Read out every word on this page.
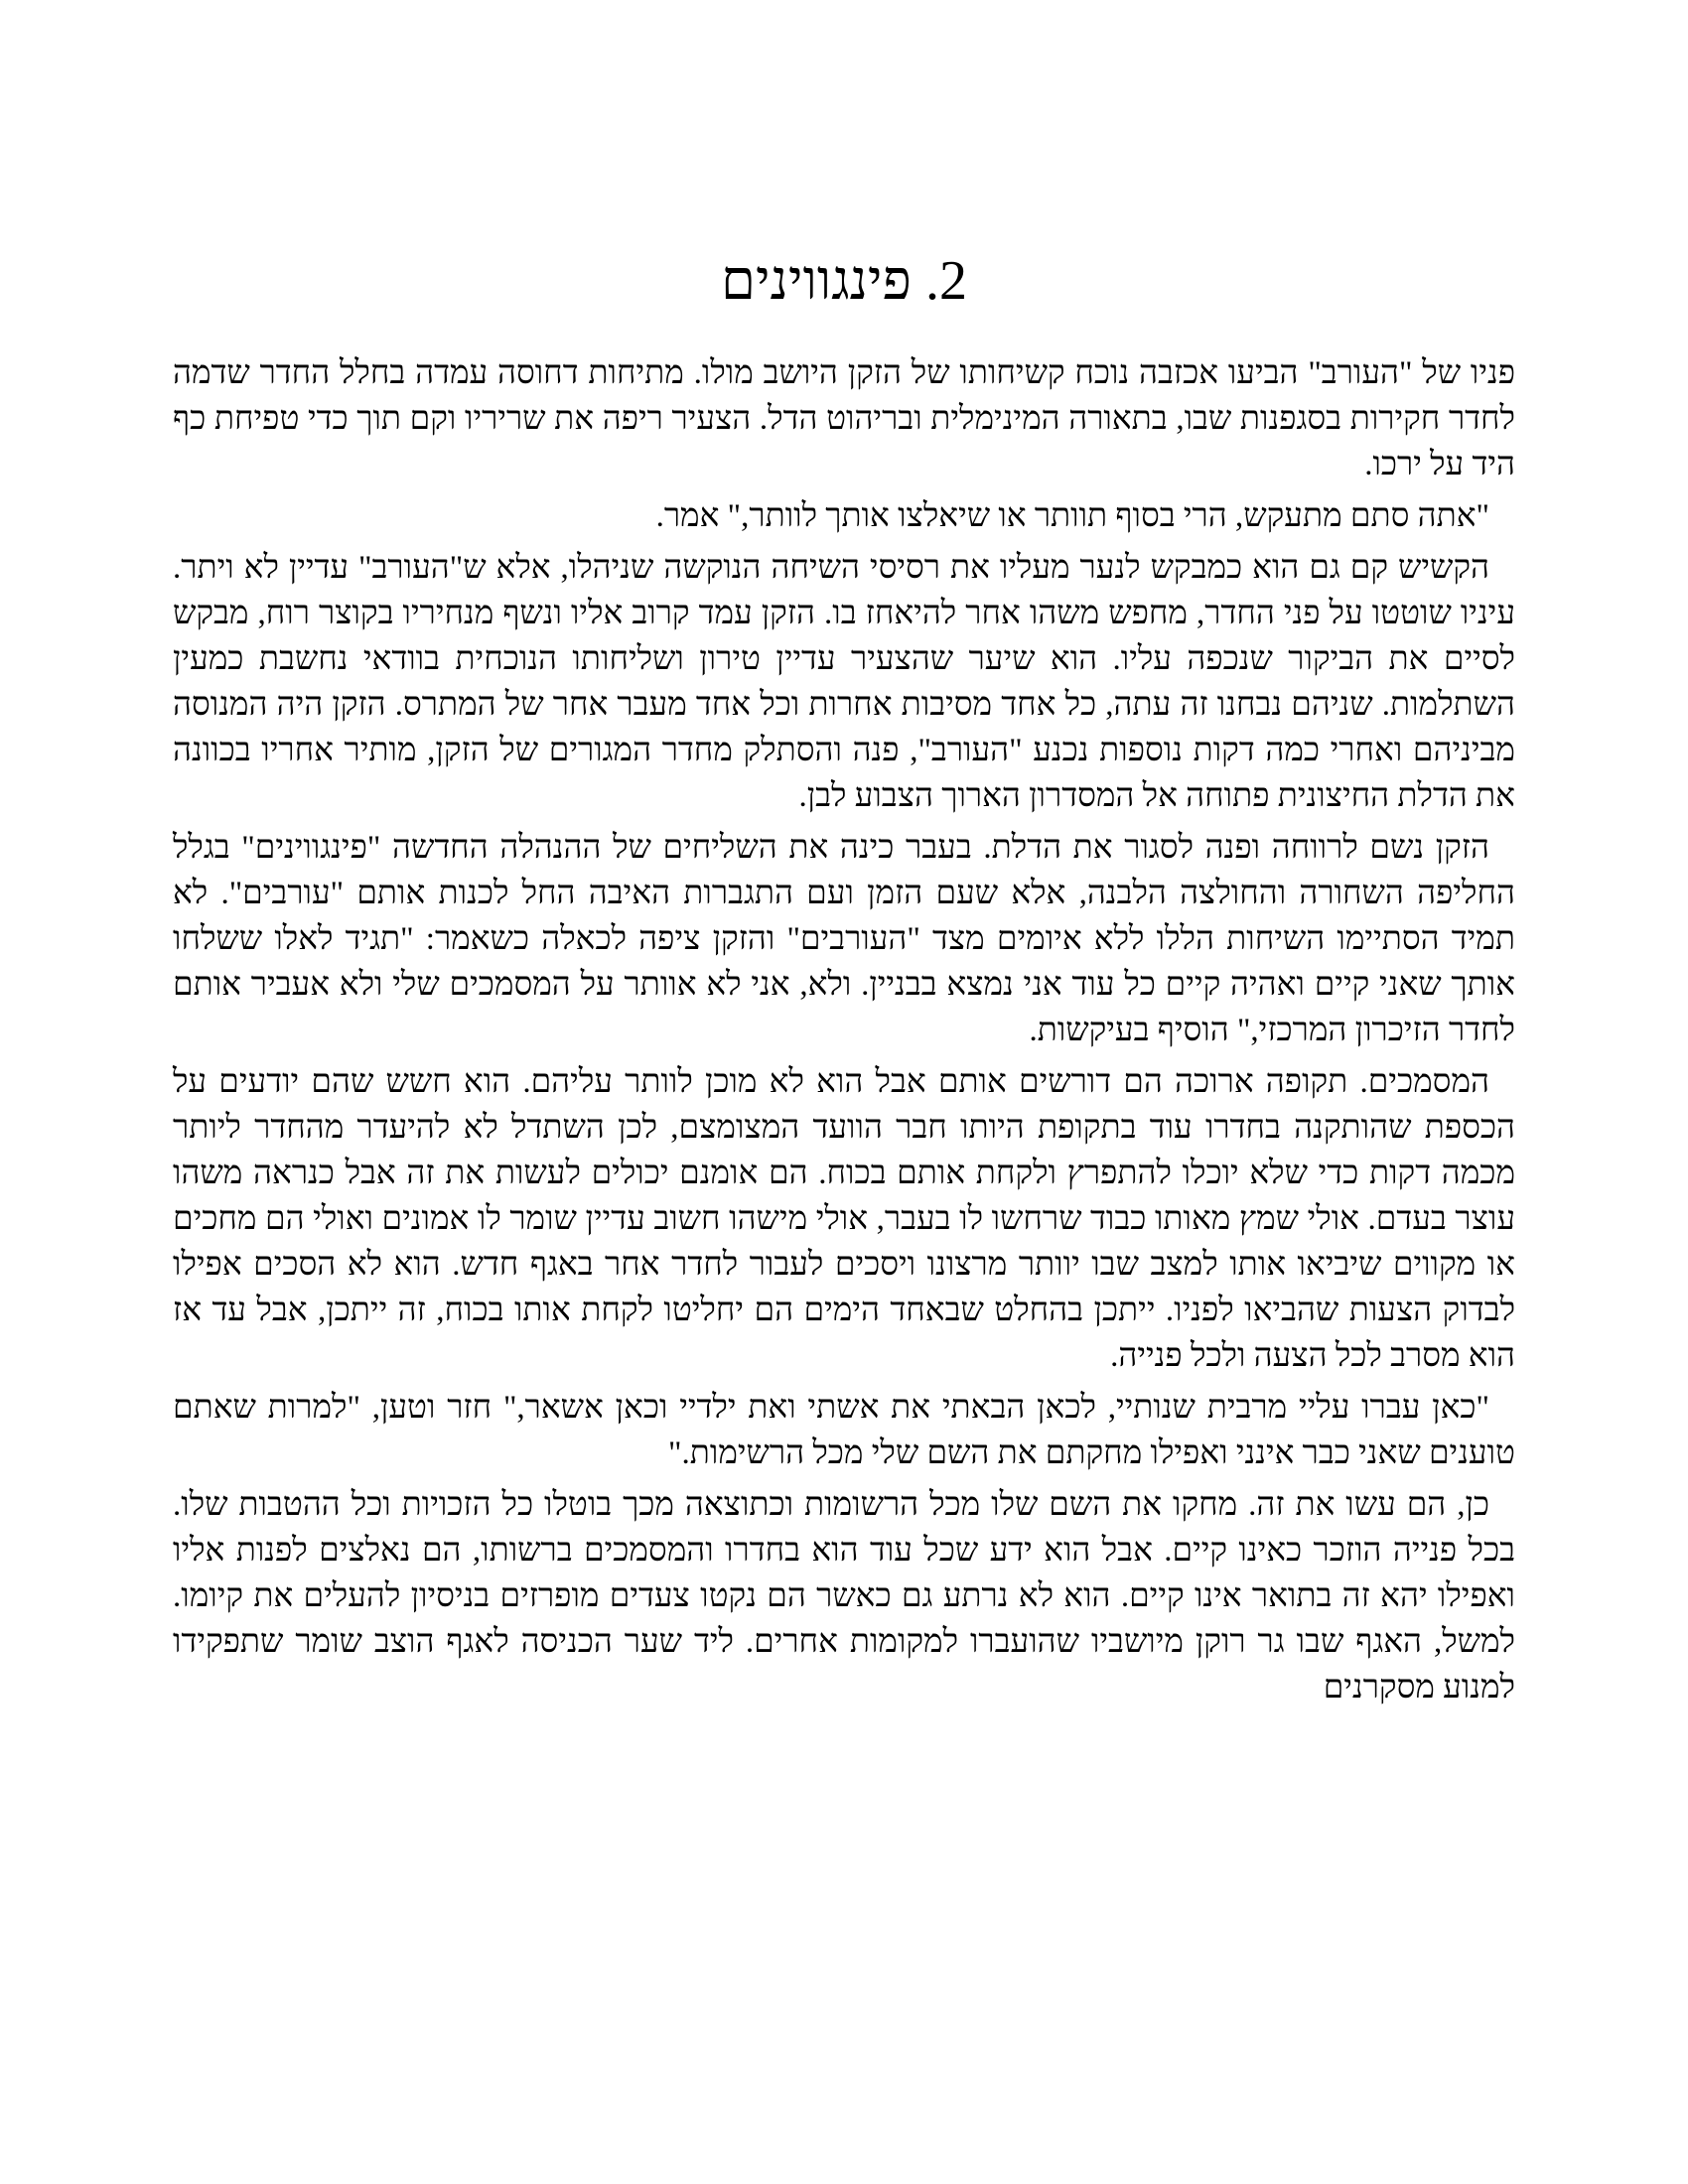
2. פינגווינים

פניו של "העורב" הביעו אכזבה נוכח קשיחותו של הזקן היושב מולו. מתיחות דחוסה עמדה בחלל החדר שדמה לחדר חקירות בסגפנות שבו, בתאורה המינימלית ובריהוט הדל. הצעיר ריפה את שריריו וקם תוך כדי טפיחת כף היד על ירכו.

"אתה סתם מתעקש, הרי בסוף תוותר או שיאלצו אותך לוותר," אמר.

הקשיש קם גם הוא כמבקש לנער מעליו את רסיסי השיחה הנוקשה שניהלו, אלא ש"העורב" עדיין לא ויתר. עיניו שוטטו על פני החדר, מחפש משהו אחר להיאחז בו. הזקן עמד קרוב אליו ונשף מנחיריו בקוצר רוח, מבקש לסיים את הביקור שנכפה עליו. הוא שיער שהצעיר עדיין טירון ושליחותו הנוכחית בוודאי נחשבת כמעין השתלמות. שניהם נבחנו זה עתה, כל אחד מסיבות אחרות וכל אחד מעבר אחר של המתרס. הזקן היה המנוסה מביניהם ואחרי כמה דקות נוספות נכנע "העורב", פנה והסתלק מחדר המגורים של הזקן, מותיר אחריו בכוונה את הדלת החיצונית פתוחה אל המסדרון הארוך הצבוע לבן.

הזקן נשם לרווחה ופנה לסגור את הדלת. בעבר כינה את השליחים של ההנהלה החדשה "פינגווינים" בגלל החליפה השחורה והחולצה הלבנה, אלא שעם הזמן ועם התגברות האיבה החל לכנות אותם "עורבים". לא תמיד הסתיימו השיחות הללו ללא איומים מצד "העורבים" והזקן ציפה לכאלה כשאמר: "תגיד לאלו ששלחו אותך שאני קיים ואהיה קיים כל עוד אני נמצא בבניין. ולא, אני לא אוותר על המסמכים שלי ולא אעביר אותם לחדר הזיכרון המרכזי," הוסיף בעיקשות.

המסמכים. תקופה ארוכה הם דורשים אותם אבל הוא לא מוכן לוותר עליהם. הוא חשש שהם יודעים על הכספת שהותקנה בחדרו עוד בתקופת היותו חבר הוועד המצומצם, לכן השתדל לא להיעדר מהחדר ליותר מכמה דקות כדי שלא יוכלו להתפרץ ולקחת אותם בכוח. הם אומנם יכולים לעשות את זה אבל כנראה משהו עוצר בעדם. אולי שמץ מאותו כבוד שרחשו לו בעבר, אולי מישהו חשוב עדיין שומר לו אמונים ואולי הם מחכים או מקווים שיביאו אותו למצב שבו יוותר מרצונו ויסכים לעבור לחדר אחר באגף חדש. הוא לא הסכים אפילו לבדוק הצעות שהביאו לפניו. ייתכן בהחלט שבאחד הימים הם יחליטו לקחת אותו בכוח, זה ייתכן, אבל עד אז הוא מסרב לכל הצעה ולכל פנייה.

"כאן עברו עליי מרבית שנותיי, לכאן הבאתי את אשתי ואת ילדיי וכאן אשאר," חזר וטען, "למרות שאתם טוענים שאני כבר אינני ואפילו מחקתם את השם שלי מכל הרשימות."

כן, הם עשו את זה. מחקו את השם שלו מכל הרשומות וכתוצאה מכך בוטלו כל הזכויות וכל ההטבות שלו. בכל פנייה הוזכר כאינו קיים. אבל הוא ידע שכל עוד הוא בחדרו והמסמכים ברשותו, הם נאלצים לפנות אליו ואפילו יהא זה בתואר אינו קיים. הוא לא נרתע גם כאשר הם נקטו צעדים מופרזים בניסיון להעלים את קיומו. למשל, האגף שבו גר רוקן מיושביו שהועברו למקומות אחרים. ליד שער הכניסה לאגף הוצב שומר שתפקידו למנוע מסקרנים
